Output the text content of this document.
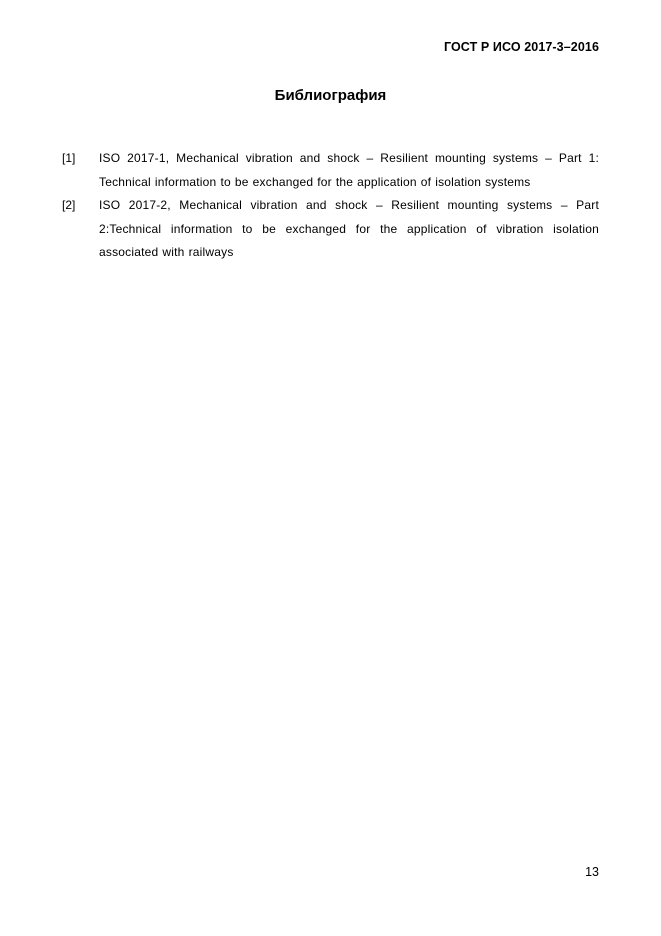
ГОСТ Р ИСО 2017-3–2016
Библиография
[1]	ISO 2017-1, Mechanical vibration and shock – Resilient mounting systems – Part 1: Technical information to be exchanged for the application of isolation systems
[2]	ISO 2017-2, Mechanical vibration and shock – Resilient mounting systems – Part 2:Technical information to be exchanged for the application of vibration isolation associated with railways
13
